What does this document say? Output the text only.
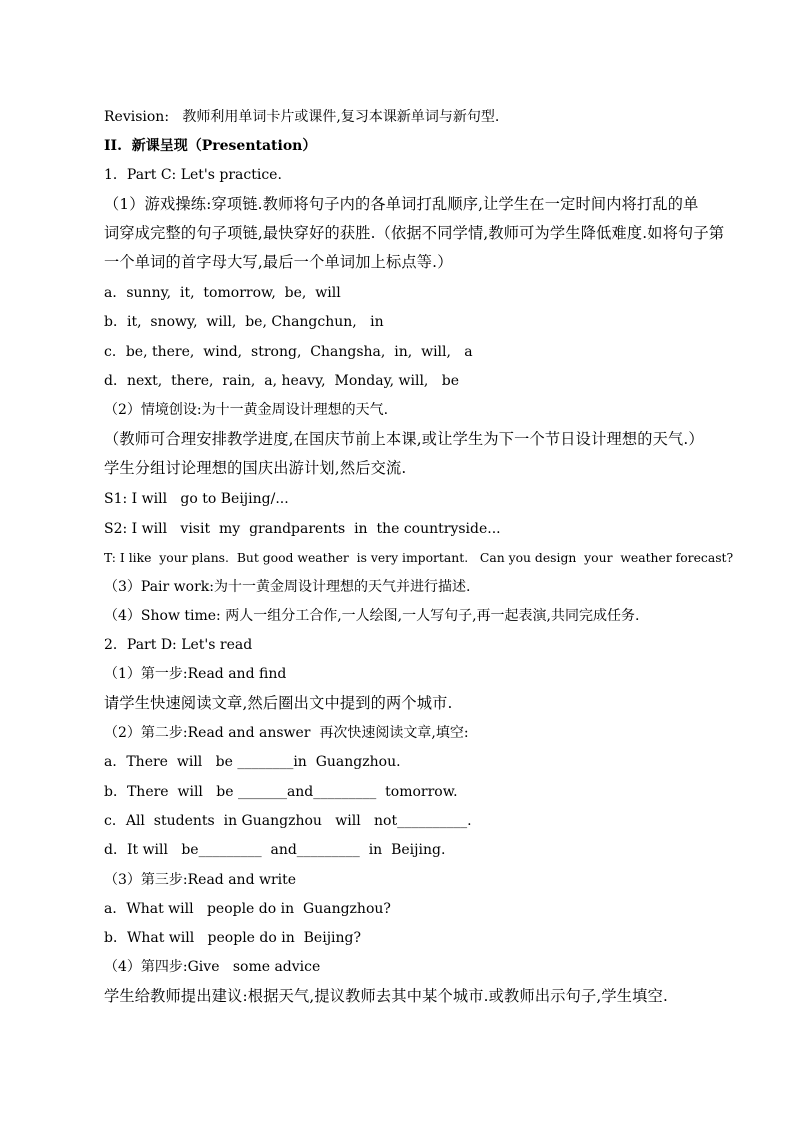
Revision:   教师利用单词卡片或课件,复习本课新单词与新句型.
II.  新课呈现（Presentation）
1．Part C: Let's practice.
（1）游戏操练:穿项链.教师将句子内的各单词打乱顺序,让学生在一定时间内将打乱的单
词穿成完整的句子项链,最快穿好的获胜.（依据不同学情,教师可为学生降低难度.如将句子第
一个单词的首字母大写,最后一个单词加上标点等.）
a．sunny,  it,  tomorrow,  be,  will
b．it,  snowy,  will,  be, Changchun,   in
c．be, there,  wind,  strong,  Changsha,  in,  will,   a
d．next,  there,  rain,  a, heavy,  Monday, will,   be
（2）情境创设:为十一黄金周设计理想的天气.
（教师可合理安排教学进度,在国庆节前上本课,或让学生为下一个节日设计理想的天气.）
学生分组讨论理想的国庆出游计划,然后交流.
S1: I will   go to Beijing/...
S2: I will   visit  my  grandparents  in  the countryside...
T: I like  your plans.  But good weather  is very important.   Can you design  your  weather forecast?
（3）Pair work:为十一黄金周设计理想的天气并进行描述.
（4）Show time: 两人一组分工合作,一人绘图,一人写句子,再一起表演,共同完成任务.
2．Part D: Let's read
（1）第一步:Read and find
请学生快速阅读文章,然后圈出文中提到的两个城市.
（2）第二步:Read and answer  再次快速阅读文章,填空:
a．There  will   be ________in  Guangzhou.
b．There  will   be _______and_________  tomorrow.
c．All  students  in Guangzhou   will   not__________.
d．It will   be_________  and_________  in  Beijing.
（3）第三步:Read and write
a．What will   people do in  Guangzhou?
b．What will   people do in  Beijing?
（4）第四步:Give   some advice
学生给教师提出建议:根据天气,提议教师去其中某个城市.或教师出示句子,学生填空.
